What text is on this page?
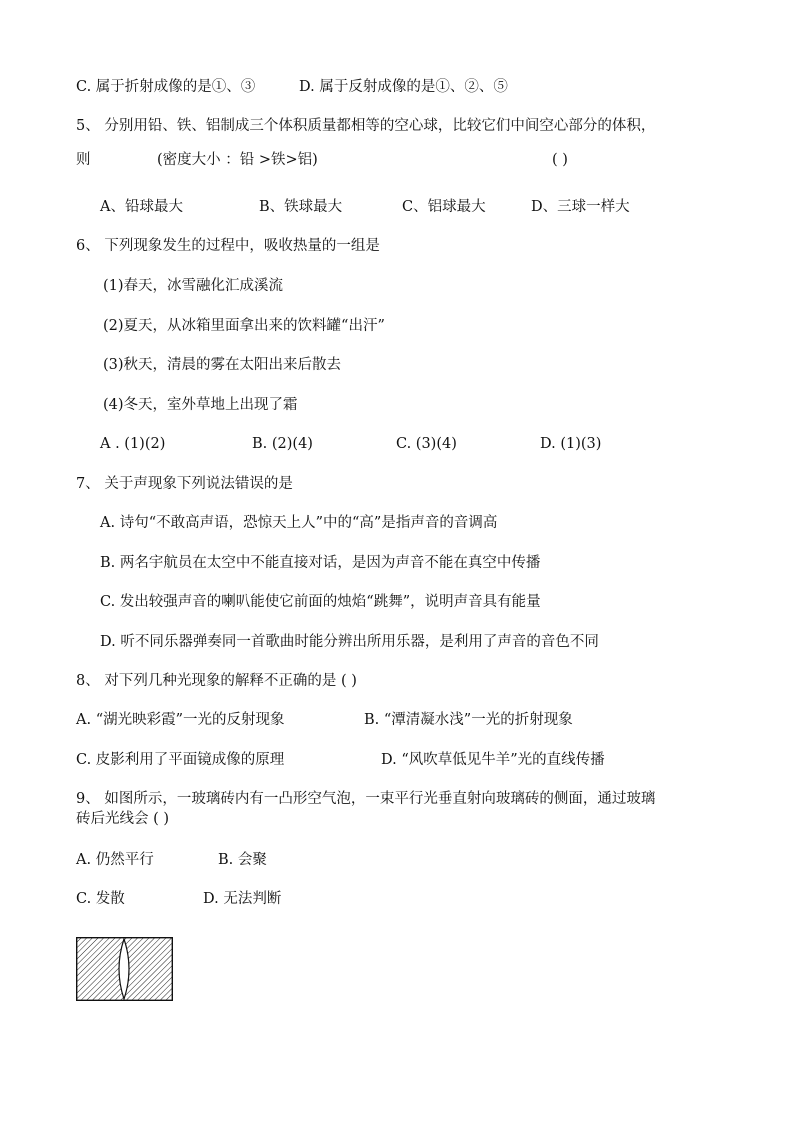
C. 属于折射成像的是①、③	D. 属于反射成像的是①、②、⑤
5、 分别用铅、铁、铝制成三个体积质量都相等的空心球，比较它们中间空心部分的体积，
则	(密度大小 ：铅 >铁>铝)	( )
A、铅球最大	B、铁球最大	C、铝球最大	D、三球一样大
6、 下列现象发生的过程中，吸收热量的一组是
(1)春天，冰雪融化汇成溪流
(2)夏天，从冰箱里面拿出来的饮料罐“出汗”
(3)秋天，清晨的雾在太阳出来后散去
(4)冬天，室外草地上出现了霜
A . (1)(2)	B. (2)(4)	C. (3)(4)	D. (1)(3)
7、 关于声现象下列说法错误的是
A. 诗句“不敢高声语，恐惊天上人”中的“高”是指声音的音调高
B. 两名宇航员在太空中不能直接对话，是因为声音不能在真空中传播
C. 发出较强声音的喇叭能使它前面的烛焰“跳舞”，说明声音具有能量
D. 听不同乐器弹奏同一首歌曲时能分辨出所用乐器，是利用了声音的音色不同
8、 对下列几种光现象的解释不正确的是 ( )
A. “湖光映彩霞”一光的反射现象	B. “潭清凝水浅”一光的折射现象
C. 皮影利用了平面镜成像的原理	D. “风吹草低见牛羊”光的直线传播
9、 如图所示，一玻璃砖内有一凸形空气泡，一束平行光垂直射向玻璃砖的侧面，通过玻璃
砖后光线会 ( )
A. 仍然平行	B. 会聚
C. 发散	D. 无法判断
